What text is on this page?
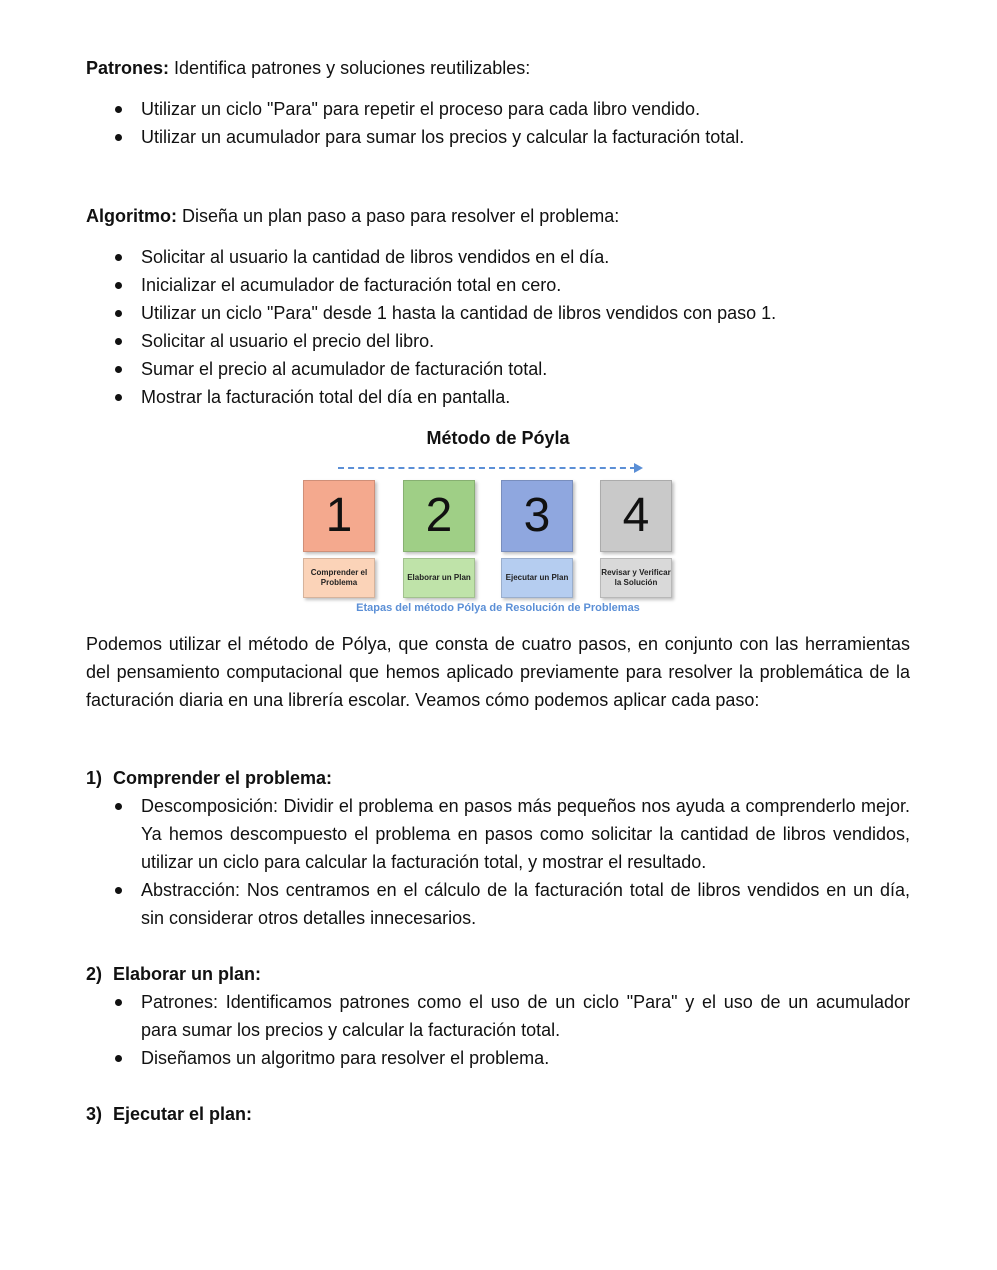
Patrones: Identifica patrones y soluciones reutilizables:

Utilizar un ciclo "Para" para repetir el proceso para cada libro vendido.
Utilizar un acumulador para sumar los precios y calcular la facturación total.

Algoritmo: Diseña un plan paso a paso para resolver el problema:

Solicitar al usuario la cantidad de libros vendidos en el día.
Inicializar el acumulador de facturación total en cero.
Utilizar un ciclo "Para" desde 1 hasta la cantidad de libros vendidos con paso 1.
Solicitar al usuario el precio del libro.
Sumar el precio al acumulador de facturación total.
Mostrar la facturación total del día en pantalla.

Método de Póyla

1
Comprender el Problema
2
Elaborar un Plan
3
Ejecutar un Plan
4
Revisar y Verificar la Solución
Etapas del método Pólya de Resolución de Problemas

Podemos utilizar el método de Pólya, que consta de cuatro pasos, en conjunto con las herramientas del pensamiento computacional que hemos aplicado previamente para resolver la problemática de la facturación diaria en una librería escolar. Veamos cómo podemos aplicar cada paso:

1) Comprender el problema:

Descomposición: Dividir el problema en pasos más pequeños nos ayuda a comprenderlo mejor. Ya hemos descompuesto el problema en pasos como solicitar la cantidad de libros vendidos, utilizar un ciclo para calcular la facturación total, y mostrar el resultado.
Abstracción: Nos centramos en el cálculo de la facturación total de libros vendidos en un día, sin considerar otros detalles innecesarios.

2) Elaborar un plan:

Patrones: Identificamos patrones como el uso de un ciclo "Para" y el uso de un acumulador para sumar los precios y calcular la facturación total.
Diseñamos un algoritmo para resolver el problema.

3) Ejecutar el plan:
